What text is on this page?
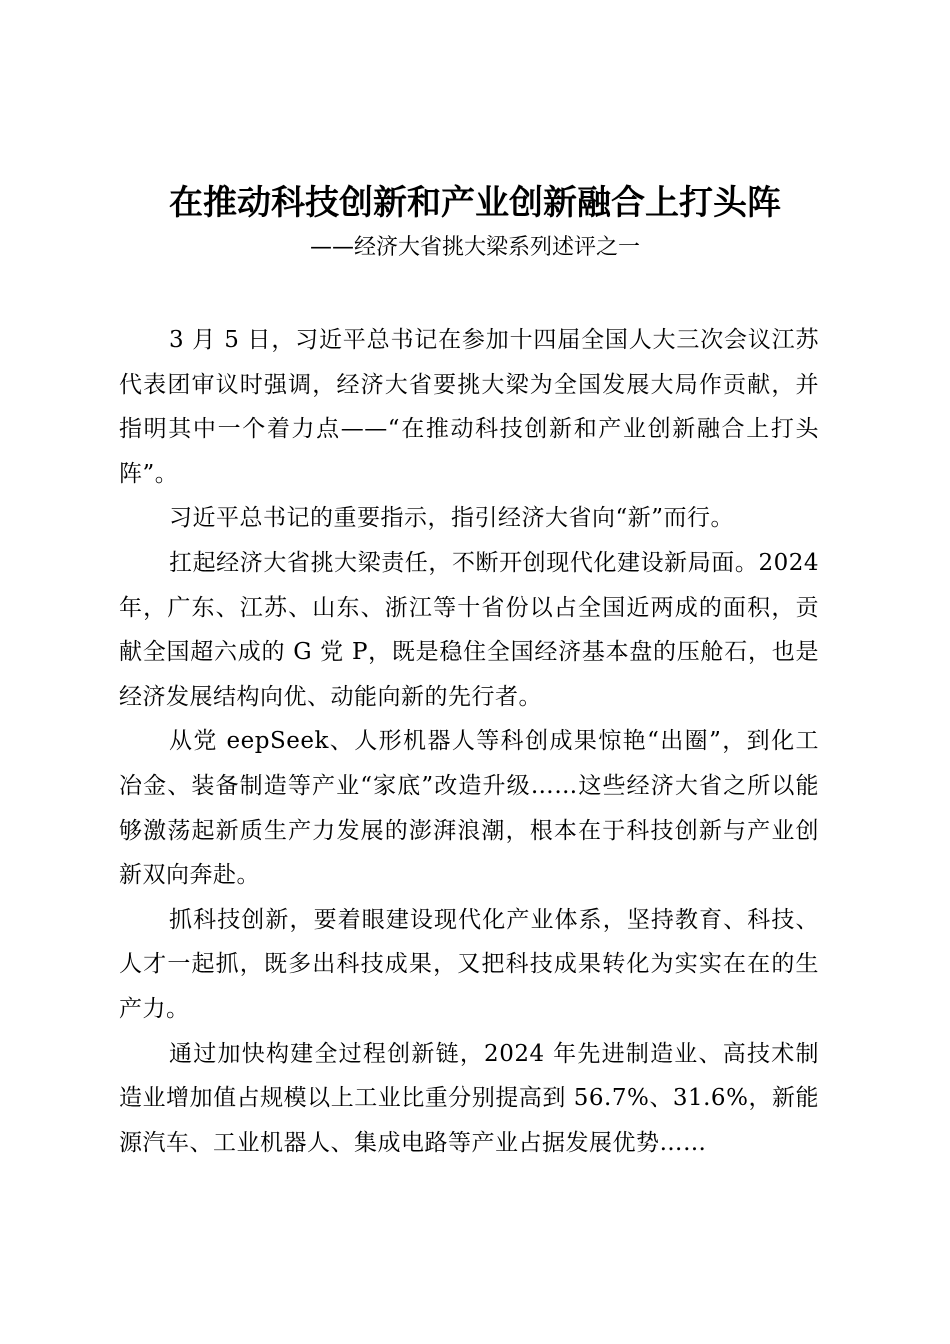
在推动科技创新和产业创新融合上打头阵
——经济大省挑大梁系列述评之一

3 月 5 日，习近平总书记在参加十四届全国人大三次会议江苏代表团审议时强调，经济大省要挑大梁为全国发展大局作贡献，并指明其中一个着力点——“在推动科技创新和产业创新融合上打头阵”。

习近平总书记的重要指示，指引经济大省向“新”而行。

扛起经济大省挑大梁责任，不断开创现代化建设新局面。2024 年，广东、江苏、山东、浙江等十省份以占全国近两成的面积，贡献全国超六成的 G 党 P，既是稳住全国经济基本盘的压舱石，也是经济发展结构向优、动能向新的先行者。

从党 eepSeek、人形机器人等科创成果惊艳“出圈”，到化工冶金、装备制造等产业“家底”改造升级……这些经济大省之所以能够激荡起新质生产力发展的澎湃浪潮，根本在于科技创新与产业创新双向奔赴。

抓科技创新，要着眼建设现代化产业体系，坚持教育、科技、人才一起抓，既多出科技成果，又把科技成果转化为实实在在的生产力。

通过加快构建全过程创新链，2024 年先进制造业、高技术制造业增加值占规模以上工业比重分别提高到 56.7%、31.6%，新能源汽车、工业机器人、集成电路等产业占据发展优势……
